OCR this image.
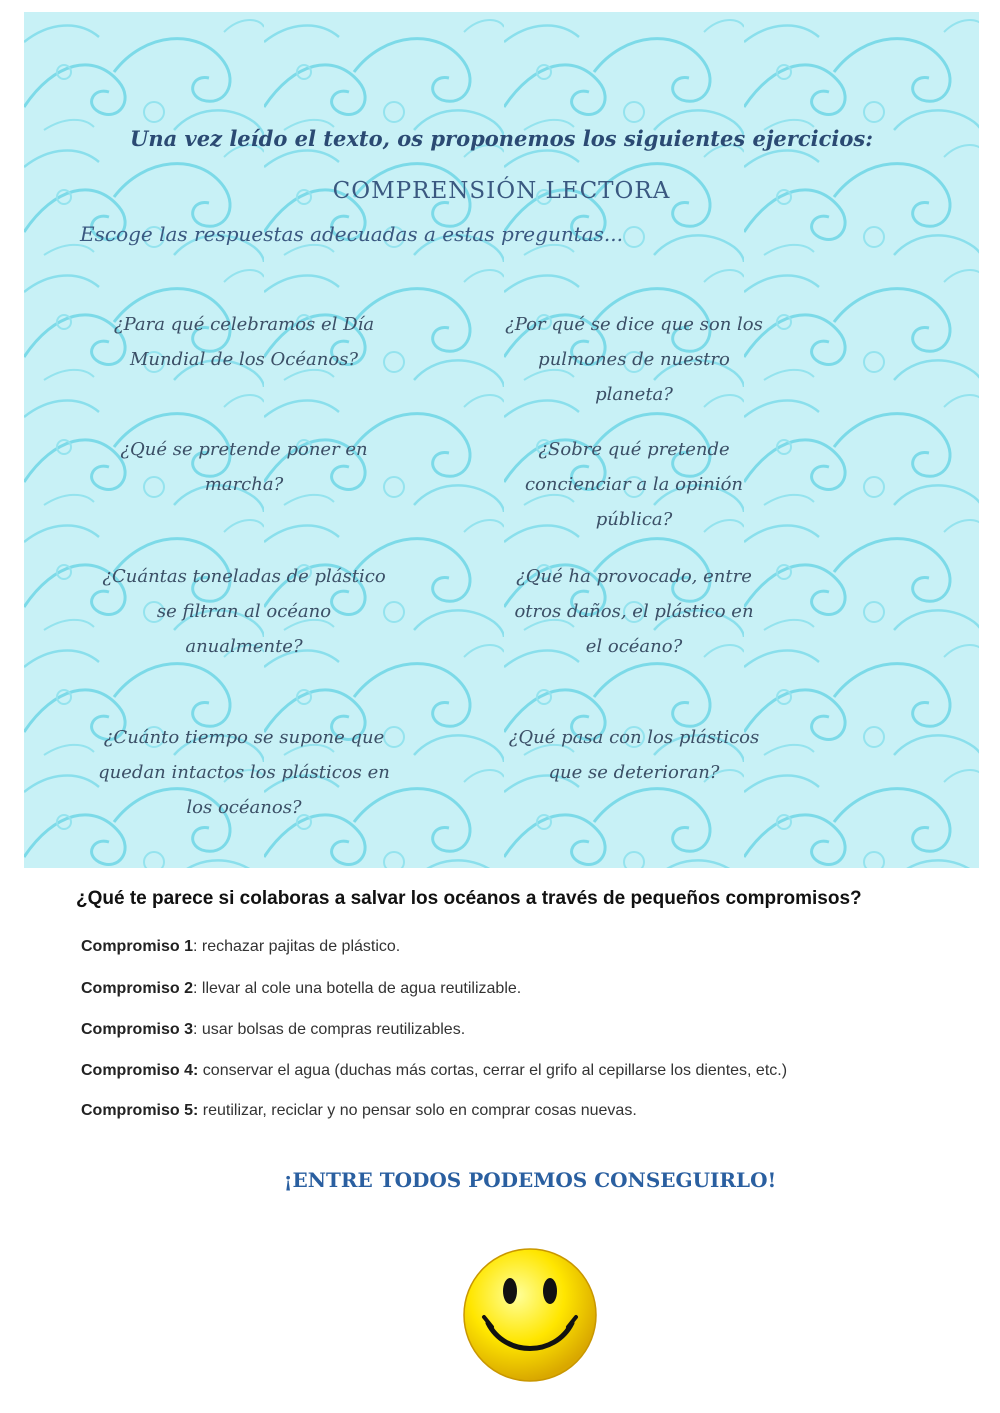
Una vez leído el texto, os proponemos los siguientes ejercicios:
COMPRENSIÓN LECTORA
Escoge las respuestas adecuadas a estas preguntas...
¿Para qué celebramos el Día
Mundial de los Océanos?
¿Por qué se dice que son los
pulmones de nuestro
planeta?
¿Qué se pretende poner en
marcha?
¿Sobre qué pretende
concienciar a la opinión
pública?
¿Cuántas toneladas de plástico
se filtran al océano
anualmente?
¿Qué ha provocado, entre
otros daños, el plástico en
el océano?
¿Cuánto tiempo se supone que
quedan intactos los plásticos en
los océanos?
¿Qué pasa con los plásticos
que se deterioran?
¿Qué te parece si colaboras a salvar los océanos a través de pequeños compromisos?
Compromiso 1: rechazar pajitas de plástico.
Compromiso 2: llevar al cole una botella de agua reutilizable.
Compromiso 3: usar bolsas de compras reutilizables.
Compromiso 4: conservar el agua (duchas más cortas, cerrar el grifo al cepillarse los dientes, etc.)
Compromiso 5: reutilizar, reciclar y no pensar solo en comprar cosas nuevas.
¡ENTRE TODOS PODEMOS CONSEGUIRLO!
